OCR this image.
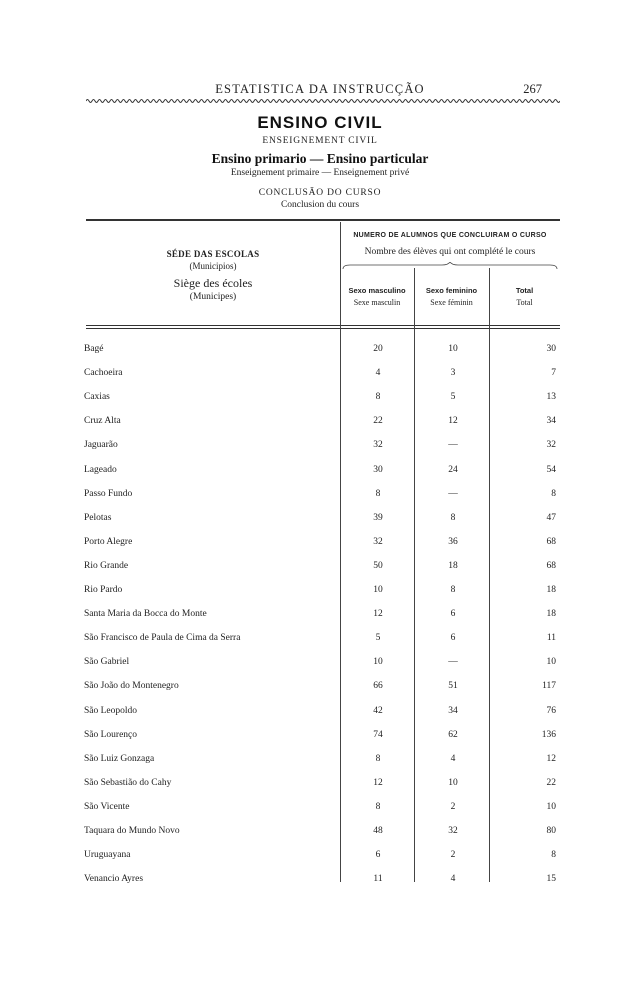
ESTATISTICA DA INSTRUCÇÃO	267
ENSINO CIVIL
ENSEIGNEMENT CIVIL
Ensino primario — Ensino particular
Enseignement primaire — Enseignement privé
CONCLUSÃO DO CURSO
Conclusion du cours
SÉDE DAS ESCOLAS
(Municipios)
Siège des écoles
(Municipes)
NUMERO DE ALUMNOS QUE CONCLUIRAM O CURSO
Nombre des élèves qui ont complété le cours
Sexo masculino
Sexe masculin
Sexo feminino
Sexe féminin
Total
Total
Bagé	20	10	30
Cachoeira	4	3	7
Caxias	8	5	13
Cruz Alta	22	12	34
Jaguarão	32	—	32
Lageado	30	24	54
Passo Fundo	8	—	8
Pelotas	39	8	47
Porto Alegre	32	36	68
Rio Grande	50	18	68
Rio Pardo	10	8	18
Santa Maria da Bocca do Monte	12	6	18
São Francisco de Paula de Cima da Serra	5	6	11
São Gabriel	10	—	10
São João do Montenegro	66	51	117
São Leopoldo	42	34	76
São Lourenço	74	62	136
São Luiz Gonzaga	8	4	12
São Sebastião do Cahy	12	10	22
São Vicente	8	2	10
Taquara do Mundo Novo	48	32	80
Uruguayana	6	2	8
Venancio Ayres	11	4	15
